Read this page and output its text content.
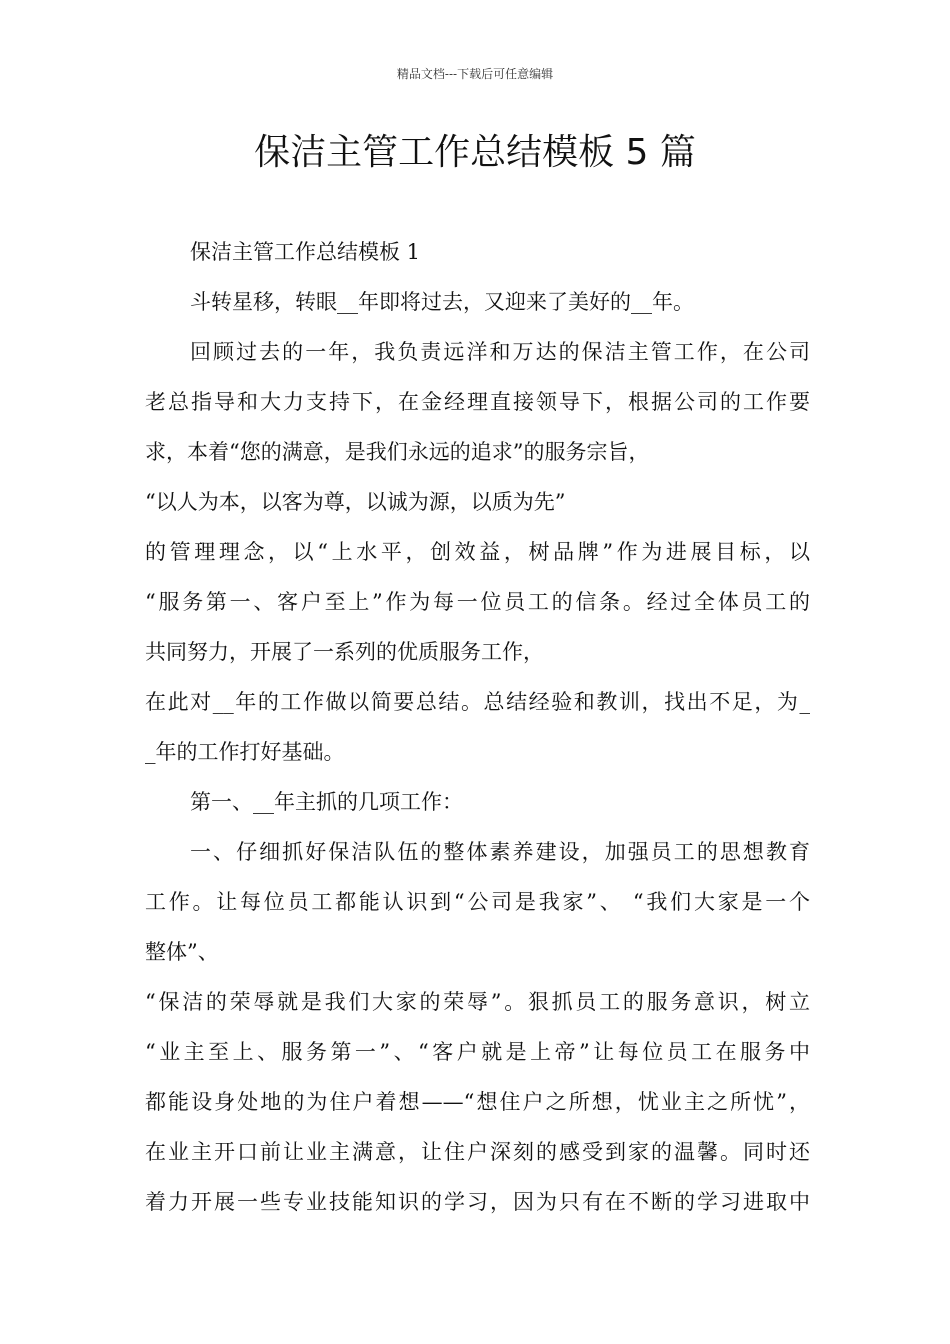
精品文档---下载后可任意编辑
保洁主管工作总结模板 5 篇
保洁主管工作总结模板 1
斗转星移，转眼__年即将过去，又迎来了美好的__年。
回顾过去的一年，我负责远洋和万达的保洁主管工作，在公司
老总指导和大力支持下，在金经理直接领导下，根据公司的工作要
求，本着“您的满意，是我们永远的追求”的服务宗旨，
“以人为本，以客为尊，以诚为源，以质为先”
的管理理念，以“上水平，创效益，树品牌”作为进展目标，以
“服务第一、客户至上”作为每一位员工的信条。经过全体员工的
共同努力，开展了一系列的优质服务工作，
在此对__年的工作做以简要总结。总结经验和教训，找出不足，为_
_年的工作打好基础。
第一、__年主抓的几项工作：
一、仔细抓好保洁队伍的整体素养建设，加强员工的思想教育
工作。让每位员工都能认识到“公司是我家”、 “我们大家是一个
整体”、
“保洁的荣辱就是我们大家的荣辱”。狠抓员工的服务意识，树立
“业主至上、服务第一”、“客户就是上帝”让每位员工在服务中
都能设身处地的为住户着想——“想住户之所想，忧业主之所忧”，
在业主开口前让业主满意，让住户深刻的感受到家的温馨。同时还
着力开展一些专业技能知识的学习，因为只有在不断的学习进取中
